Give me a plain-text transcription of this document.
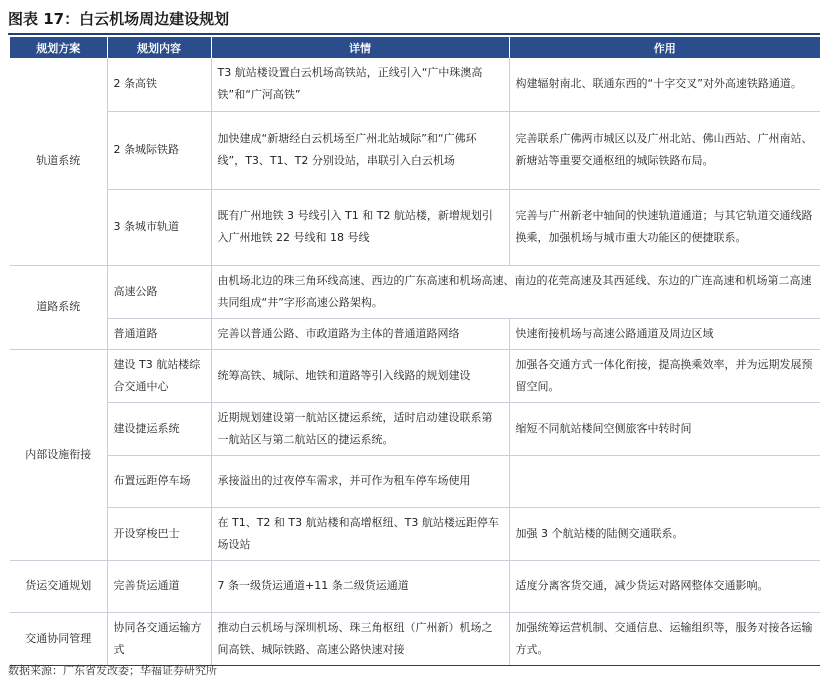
图表 17：白云机场周边建设规划
规划方案	规划内容	详情	作用
轨道系统	2 条高铁	T3 航站楼设置白云机场高铁站，正线引入“广中珠澳高铁”和“广河高铁”	构建辐射南北、联通东西的“十字交叉”对外高速铁路通道。
	2 条城际铁路	加快建成“新塘经白云机场至广州北站城际”和“广佛环线”，T3、T1、T2 分别设站，串联引入白云机场	完善联系广佛两市城区以及广州北站、佛山西站、广州南站、新塘站等重要交通枢纽的城际铁路布局。
	3 条城市轨道	既有广州地铁 3 号线引入 T1 和 T2 航站楼，新增规划引入广州地铁 22 号线和 18 号线	完善与广州新老中轴间的快速轨道通道；与其它轨道交通线路换乘，加强机场与城市重大功能区的便捷联系。
道路系统	高速公路	由机场北边的珠三角环线高速、西边的广东高速和机场高速、南边的花莞高速及其西延线、东边的广连高速和机场第二高速共同组成“井”字形高速公路架构。	
	普通道路	完善以普通公路、市政道路为主体的普通道路网络	快速衔接机场与高速公路通道及周边区域
内部设施衔接	建设 T3 航站楼综合交通中心	统筹高铁、城际、地铁和道路等引入线路的规划建设	加强各交通方式一体化衔接，提高换乘效率，并为远期发展预留空间。
	建设捷运系统	近期规划建设第一航站区捷运系统，适时启动建设联系第一航站区与第二航站区的捷运系统。	缩短不同航站楼间空侧旅客中转时间
	布置远距停车场	承接溢出的过夜停车需求，并可作为租车停车场使用	
	开设穿梭巴士	在 T1、T2 和 T3 航站楼和高增枢纽、T3 航站楼远距停车场设站	加强 3 个航站楼的陆侧交通联系。
货运交通规划	完善货运通道	7 条一级货运通道+11 条二级货运通道	适度分离客货交通，减少货运对路网整体交通影响。
交通协同管理	协同各交通运输方式	推动白云机场与深圳机场、珠三角枢纽（广州新）机场之间高铁、城际铁路、高速公路快速对接	加强统筹运营机制、交通信息、运输组织等，服务对接各运输方式。
数据来源：广东省发改委；华福证券研究所
